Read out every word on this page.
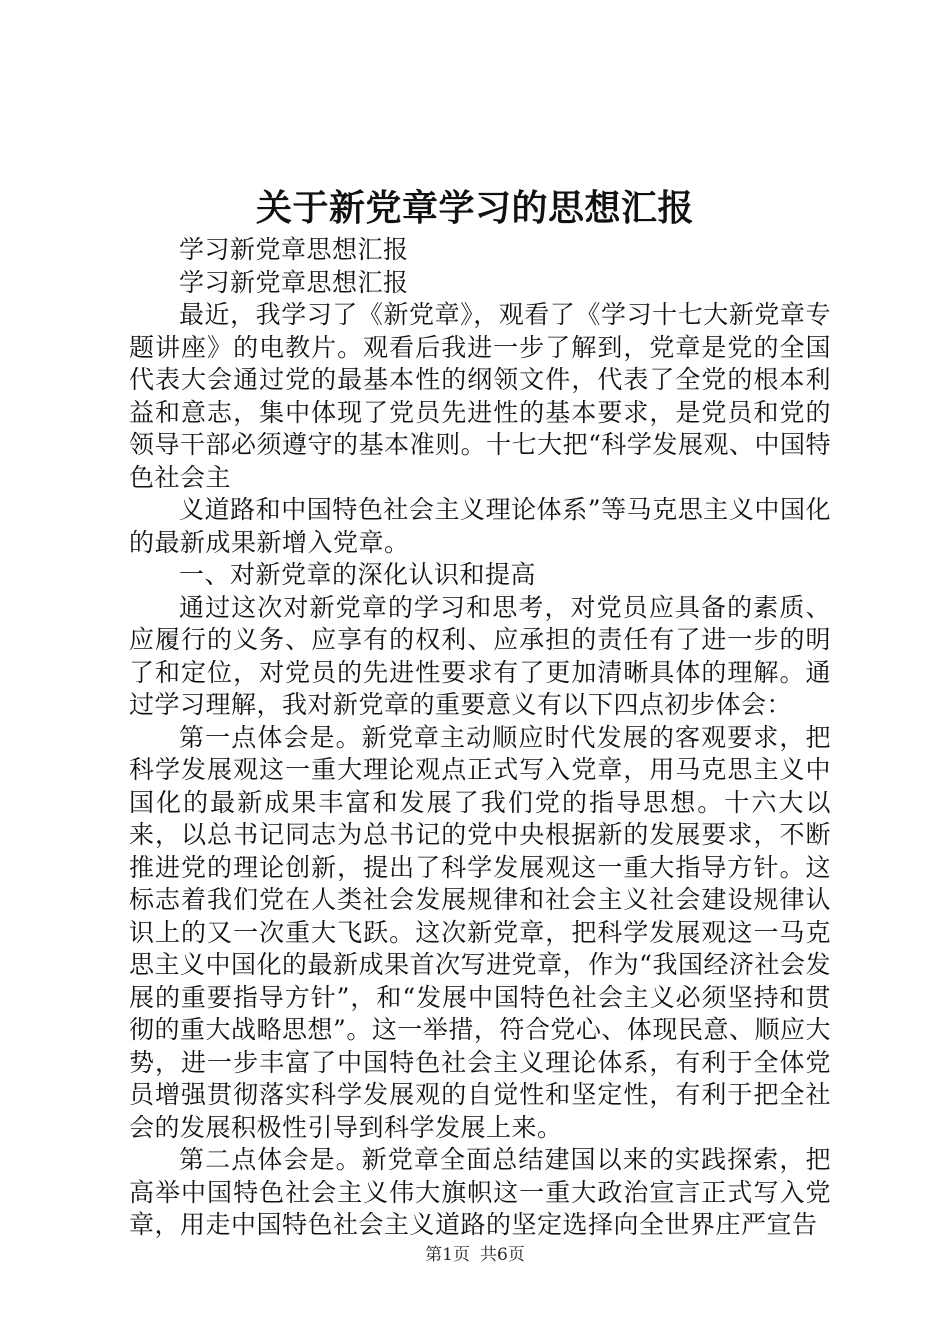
关于新党章学习的思想汇报

学习新党章思想汇报

学习新党章思想汇报

最近，我学习了《新党章》，观看了《学习十七大新党章专题讲座》的电教片。观看后我进一步了解到，党章是党的全国代表大会通过党的最基本性的纲领文件，代表了全党的根本利益和意志，集中体现了党员先进性的基本要求，是党员和党的领导干部必须遵守的基本准则。十七大把“科学发展观、中国特色社会主

义道路和中国特色社会主义理论体系”等马克思主义中国化的最新成果新增入党章。

一、对新党章的深化认识和提高

通过这次对新党章的学习和思考，对党员应具备的素质、应履行的义务、应享有的权利、应承担的责任有了进一步的明了和定位，对党员的先进性要求有了更加清晰具体的理解。通过学习理解，我对新党章的重要意义有以下四点初步体会：

第一点体会是。新党章主动顺应时代发展的客观要求，把科学发展观这一重大理论观点正式写入党章，用马克思主义中国化的最新成果丰富和发展了我们党的指导思想。十六大以来，以总书记同志为总书记的党中央根据新的发展要求，不断推进党的理论创新，提出了科学发展观这一重大指导方针。这标志着我们党在人类社会发展规律和社会主义社会建设规律认识上的又一次重大飞跃。这次新党章，把科学发展观这一马克思主义中国化的最新成果首次写进党章，作为“我国经济社会发展的重要指导方针”，和“发展中国特色社会主义必须坚持和贯彻的重大战略思想”。这一举措，符合党心、体现民意、顺应大势，进一步丰富了中国特色社会主义理论体系，有利于全体党员增强贯彻落实科学发展观的自觉性和坚定性，有利于把全社会的发展积极性引导到科学发展上来。

第二点体会是。新党章全面总结建国以来的实践探索，把高举中国特色社会主义伟大旗帜这一重大政治宣言正式写入党章，用走中国特色社会主义道路的坚定选择向全世界庄严宣告

第1页 共6页
